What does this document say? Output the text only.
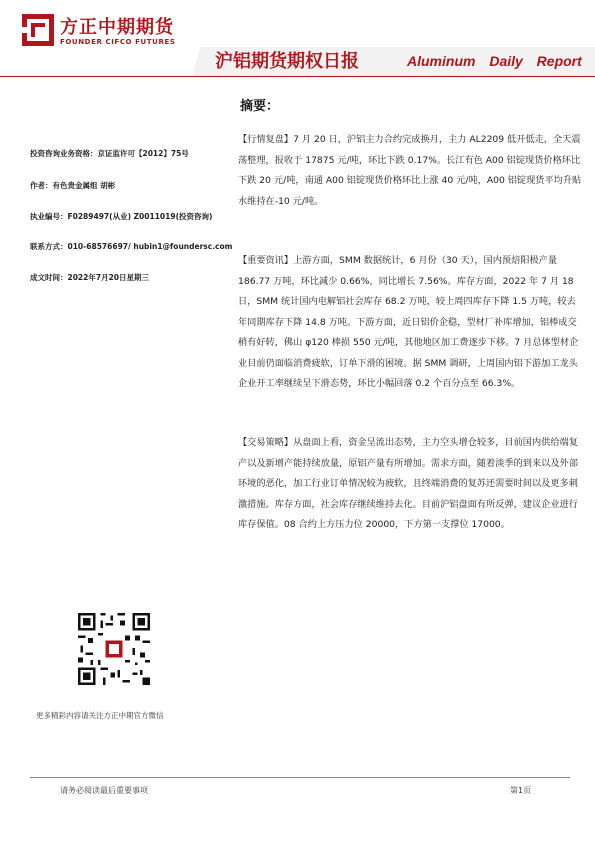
方正中期期货
FOUNDER CIFCO FUTURES
沪铝期货期权日报	Aluminum Daily Report
投资咨询业务资格：京证监许可【2012】75号
作者：有色贵金属组 胡彬
执业编号：F0289497(从业) Z0011019(投资咨询)
联系方式：010-68576697/ hubin1@foundersc.com
成文时间：2022年7月20日星期三
摘要：

【行情复盘】7 月 20 日，沪铝主力合约完成换月，主力 AL2209 低开低走，全天震荡整理，报收于 17875 元/吨，环比下跌 0.17%。长江有色 A00 铝锭现货价格环比下跌 20 元/吨，南通 A00 铝锭现货价格环比上涨 40 元/吨，A00 铝锭现货平均升贴水维持在-10 元/吨。

【重要资讯】上游方面，SMM 数据统计，6 月份（30 天），国内预焙阳极产量 186.77 万吨，环比减少 0.66%，同比增长 7.56%。库存方面，2022 年 7 月 18 日，SMM 统计国内电解铝社会库存 68.2 万吨，较上周四库存下降 1.5 万吨，较去年同期库存下降 14.8 万吨。下游方面，近日铝价企稳，型材厂补库增加，铝棒成交稍有好转，佛山 φ120 棒损 550 元/吨，其他地区加工费逐步下移。7 月总体型材企业目前仍面临消费疲软，订单下滑的困境。据 SMM 调研，上周国内铝下游加工龙头企业开工率继续呈下滑态势，环比小幅回落 0.2 个百分点至 66.3%。

【交易策略】从盘面上看，资金呈流出态势，主力空头增仓较多，目前国内供给端复产以及新增产能持续放量，原铝产量有所增加。需求方面，随着淡季的到来以及外部环境的恶化，加工行业订单情况较为疲软，且终端消费的复苏还需要时间以及更多刺激措施。库存方面，社会库存继续维持去化。目前沪铝盘面有所反弹，建议企业进行库存保值。08 合约上方压力位 20000，下方第一支撑位 17000。

更多精彩内容请关注方正中期官方微信
请务必阅读最后重要事项	第1页
